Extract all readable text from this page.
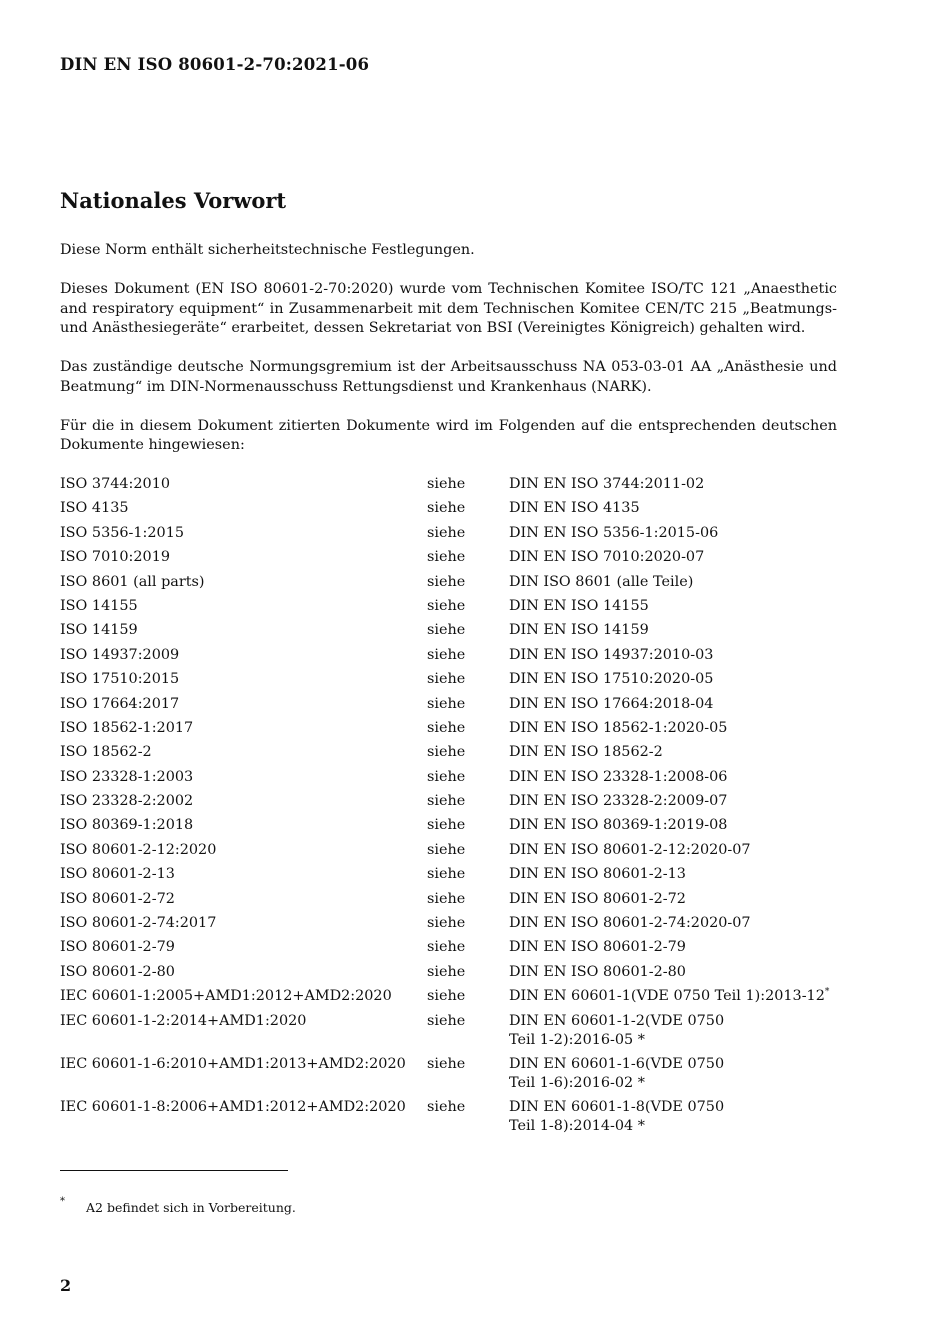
DIN EN ISO 80601-2-70:2021-06
Nationales Vorwort

Diese Norm enthält sicherheitstechnische Festlegungen.

Dieses Dokument (EN ISO 80601-2-70:2020) wurde vom Technischen Komitee ISO/TC 121 „Anaesthetic and respiratory equipment“ in Zusammenarbeit mit dem Technischen Komitee CEN/TC 215 „Beatmungs- und Anästhesiegeräte“ erarbeitet, dessen Sekretariat von BSI (Vereinigtes Königreich) gehalten wird.

Das zuständige deutsche Normungsgremium ist der Arbeitsausschuss NA 053-03-01 AA „Anästhesie und Beatmung“ im DIN-Normenausschuss Rettungsdienst und Krankenhaus (NARK).

Für die in diesem Dokument zitierten Dokumente wird im Folgenden auf die entsprechenden deutschen Dokumente hingewiesen:

ISO 3744:2010	siehe	DIN EN ISO 3744:2011-02
ISO 4135	siehe	DIN EN ISO 4135
ISO 5356-1:2015	siehe	DIN EN ISO 5356-1:2015-06
ISO 7010:2019	siehe	DIN EN ISO 7010:2020-07
ISO 8601 (all parts)	siehe	DIN ISO 8601 (alle Teile)
ISO 14155	siehe	DIN EN ISO 14155
ISO 14159	siehe	DIN EN ISO 14159
ISO 14937:2009	siehe	DIN EN ISO 14937:2010-03
ISO 17510:2015	siehe	DIN EN ISO 17510:2020-05
ISO 17664:2017	siehe	DIN EN ISO 17664:2018-04
ISO 18562-1:2017	siehe	DIN EN ISO 18562-1:2020-05
ISO 18562-2	siehe	DIN EN ISO 18562-2
ISO 23328-1:2003	siehe	DIN EN ISO 23328-1:2008-06
ISO 23328-2:2002	siehe	DIN EN ISO 23328-2:2009-07
ISO 80369-1:2018	siehe	DIN EN ISO 80369-1:2019-08
ISO 80601-2-12:2020	siehe	DIN EN ISO 80601-2-12:2020-07
ISO 80601-2-13	siehe	DIN EN ISO 80601-2-13
ISO 80601-2-72	siehe	DIN EN ISO 80601-2-72
ISO 80601-2-74:2017	siehe	DIN EN ISO 80601-2-74:2020-07
ISO 80601-2-79	siehe	DIN EN ISO 80601-2-79
ISO 80601-2-80	siehe	DIN EN ISO 80601-2-80
IEC 60601-1:2005+AMD1:2012+AMD2:2020	siehe	DIN EN 60601-1(VDE 0750 Teil 1):2013-12*
IEC 60601-1-2:2014+AMD1:2020	siehe	DIN EN 60601-1-2(VDE 0750
Teil 1-2):2016-05 *

IEC 60601-1-6:2010+AMD1:2013+AMD2:2020	siehe	DIN EN 60601-1-6(VDE 0750
Teil 1-6):2016-02 *

IEC 60601-1-8:2006+AMD1:2012+AMD2:2020	siehe	DIN EN 60601-1-8(VDE 0750
Teil 1-8):2014-04 *
* A2 befindet sich in Vorbereitung.
2
